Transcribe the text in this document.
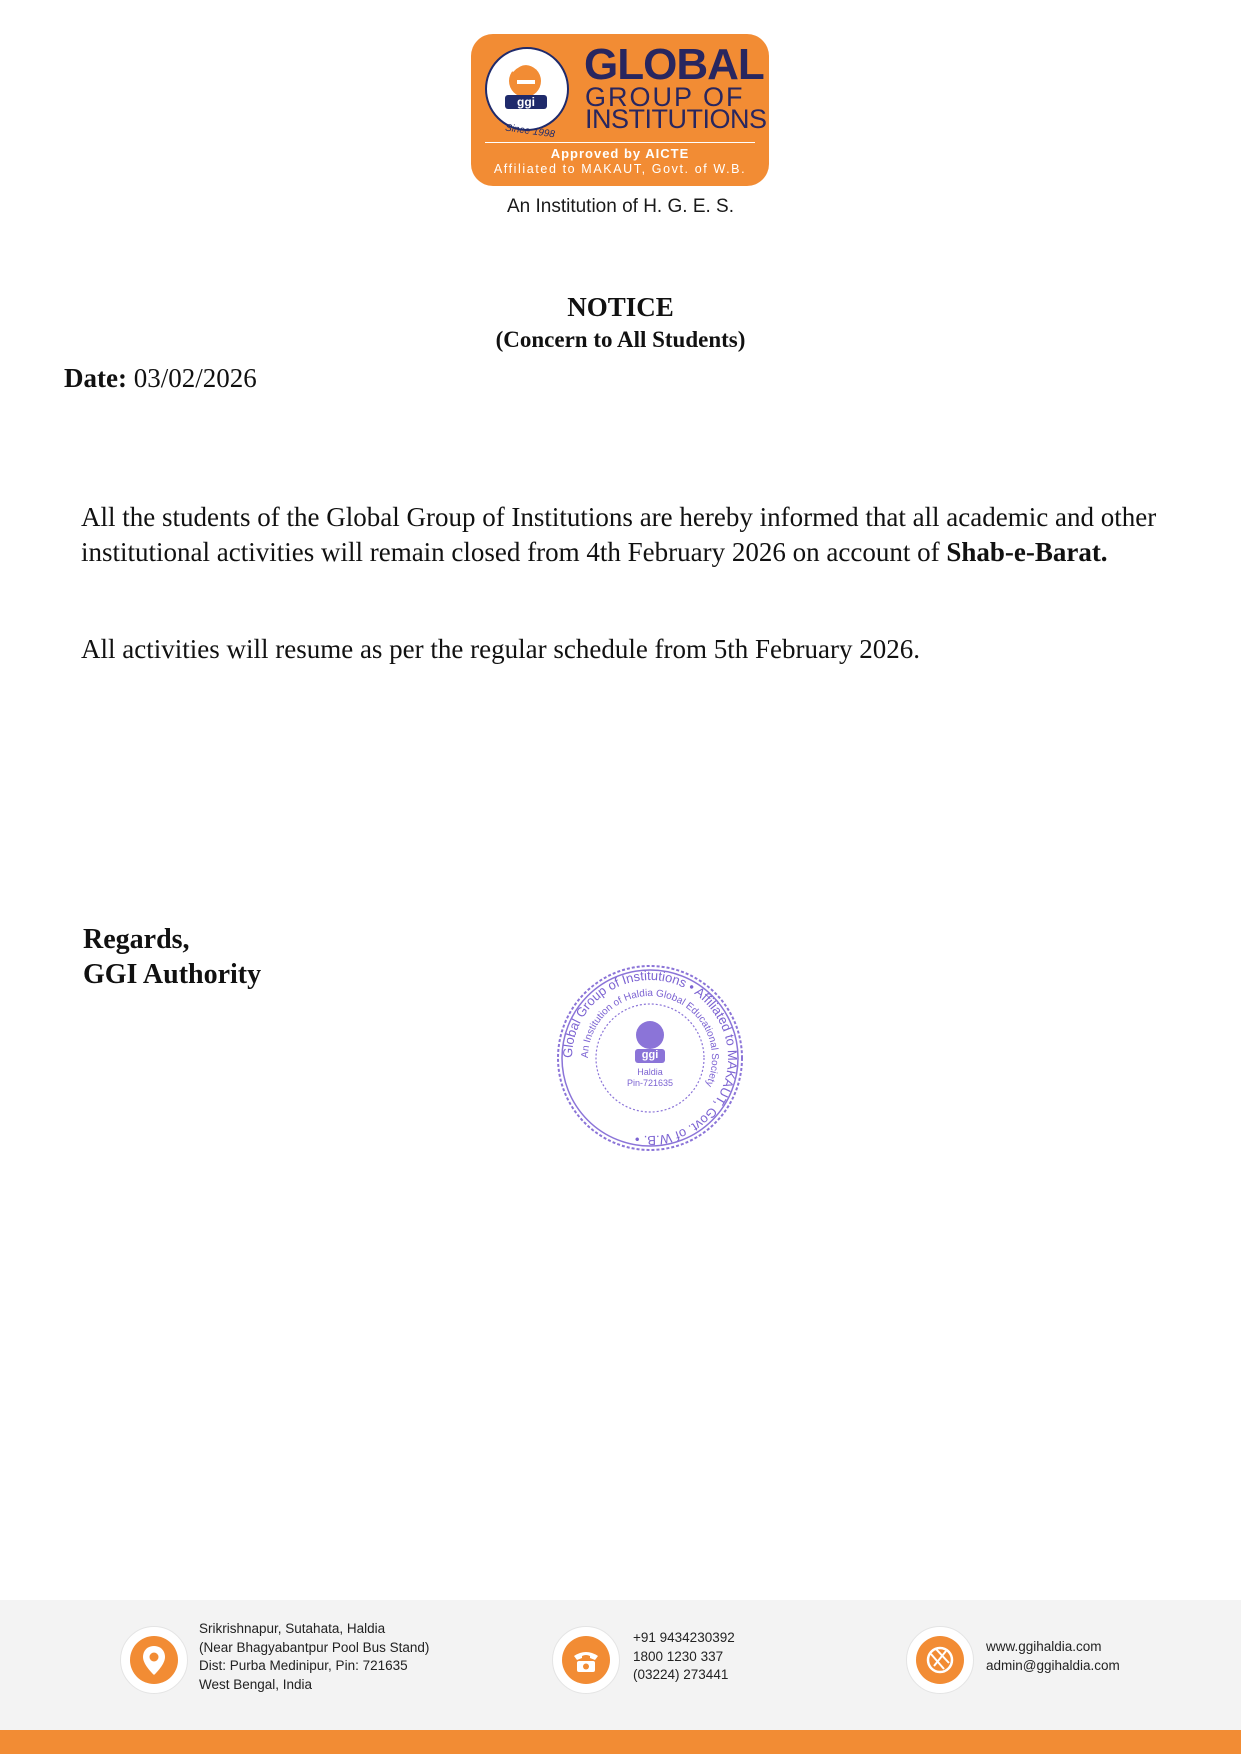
ggi
Since 1998
GLOBAL
GROUP OF
INSTITUTIONS
Approved by AICTE
Affiliated to MAKAUT, Govt. of W.B.
An Institution of H. G. E. S.
NOTICE
(Concern to All Students)
Date: 03/02/2026
All the students of the Global Group of Institutions are hereby informed that all academic and other institutional activities will remain closed from 4th February 2026 on account of Shab-e-Barat.
All activities will resume as per the regular schedule from 5th February 2026.
Regards,
GGI Authority
Global Group of Institutions • Affiliated to MAKAUT, Govt. of W.B. •
An Institution of Haldia Global Educational Society
ggi
Haldia
Pin-721635
Srikrishnapur, Sutahata, Haldia
(Near Bhagyabantpur Pool Bus Stand)
Dist: Purba Medinipur, Pin: 721635
West Bengal, India
+91 9434230392
1800 1230 337
(03224) 273441
www.ggihaldia.com
admin@ggihaldia.com
